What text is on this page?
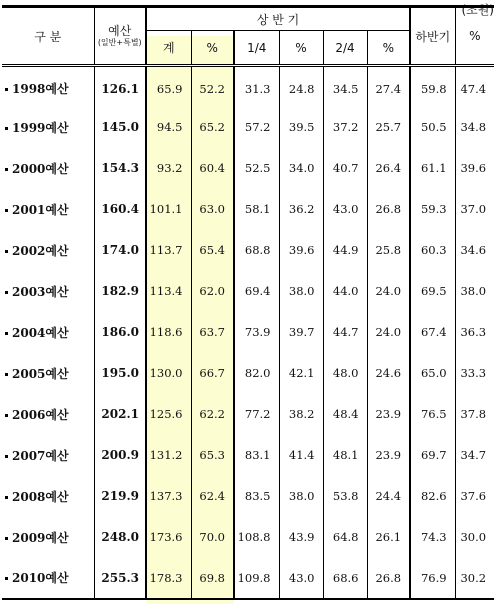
(조원)
구 분	예산
(일반+특별)	상 반 기						하반기	%
		계	%	1/4	%	2/4	%		
1998예산	126.1	65.9	52.2	31.3	24.8	34.5	27.4	59.8	47.4
1999예산	145.0	94.5	65.2	57.2	39.5	37.2	25.7	50.5	34.8
2000예산	154.3	93.2	60.4	52.5	34.0	40.7	26.4	61.1	39.6
2001예산	160.4	101.1	63.0	58.1	36.2	43.0	26.8	59.3	37.0
2002예산	174.0	113.7	65.4	68.8	39.6	44.9	25.8	60.3	34.6
2003예산	182.9	113.4	62.0	69.4	38.0	44.0	24.0	69.5	38.0
2004예산	186.0	118.6	63.7	73.9	39.7	44.7	24.0	67.4	36.3
2005예산	195.0	130.0	66.7	82.0	42.1	48.0	24.6	65.0	33.3
2006예산	202.1	125.6	62.2	77.2	38.2	48.4	23.9	76.5	37.8
2007예산	200.9	131.2	65.3	83.1	41.4	48.1	23.9	69.7	34.7
2008예산	219.9	137.3	62.4	83.5	38.0	53.8	24.4	82.6	37.6
2009예산	248.0	173.6	70.0	108.8	43.9	64.8	26.1	74.3	30.0
2010예산	255.3	178.3	69.8	109.8	43.0	68.6	26.8	76.9	30.2
